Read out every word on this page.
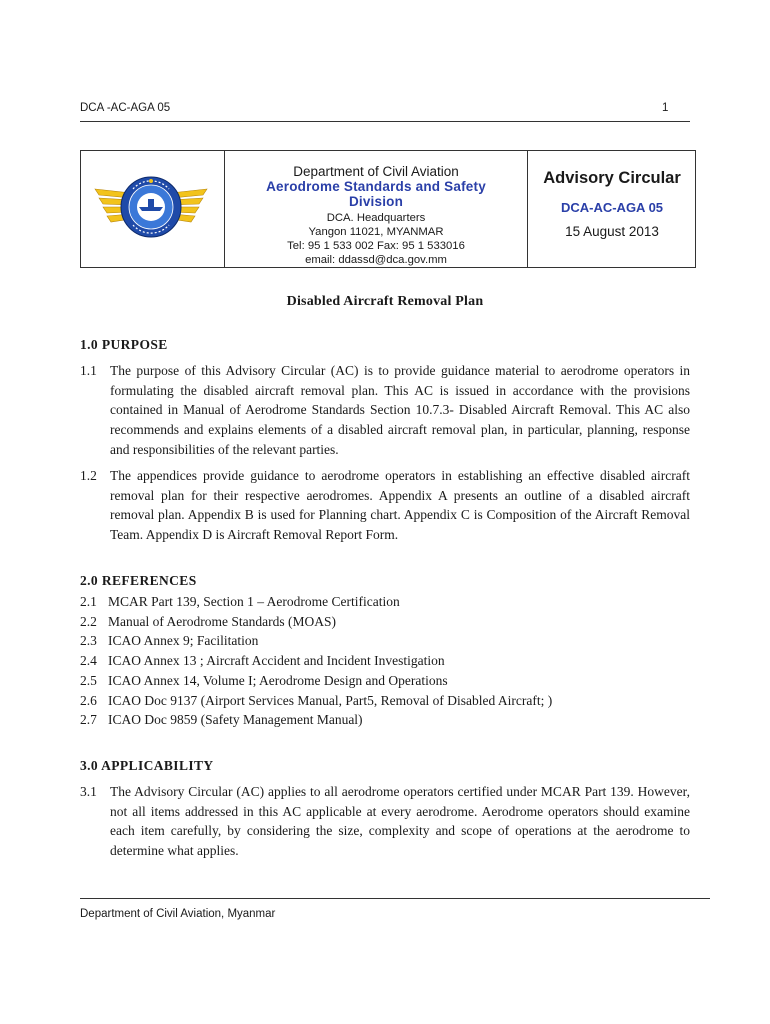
DCA -AC-AGA 05	1
Department of Civil Aviation
Aerodrome Standards and Safety
Division
DCA. Headquarters
Yangon 11021, MYANMAR
Tel: 95 1 533 002 Fax: 95 1 533016
email: ddassd@dca.gov.mm
Advisory Circular
DCA-AC-AGA 05
15 August 2013
Disabled Aircraft Removal Plan
1.0 PURPOSE
1.1 The purpose of this Advisory Circular (AC) is to provide guidance material to aerodrome operators in formulating the disabled aircraft removal plan. This AC is issued in accordance with the provisions contained in Manual of Aerodrome Standards Section 10.7.3- Disabled Aircraft Removal. This AC also recommends and explains elements of a disabled aircraft removal plan, in particular, planning, response and responsibilities of the relevant parties.
1.2 The appendices provide guidance to aerodrome operators in establishing an effective disabled aircraft removal plan for their respective aerodromes. Appendix A presents an outline of a disabled aircraft removal plan. Appendix B is used for Planning chart. Appendix C is Composition of the Aircraft Removal Team. Appendix D is Aircraft Removal Report Form.
2.0 REFERENCES
2.1 MCAR Part 139, Section 1 – Aerodrome Certification
2.2 Manual of Aerodrome Standards (MOAS)
2.3 ICAO Annex 9; Facilitation
2.4 ICAO Annex 13 ; Aircraft Accident and Incident Investigation
2.5 ICAO Annex 14, Volume I; Aerodrome Design and Operations
2.6 ICAO Doc 9137 (Airport Services Manual, Part5, Removal of Disabled Aircraft; )
2.7 ICAO Doc 9859 (Safety Management Manual)
3.0 APPLICABILITY
3.1 The Advisory Circular (AC) applies to all aerodrome operators certified under MCAR Part 139. However, not all items addressed in this AC applicable at every aerodrome. Aerodrome operators should examine each item carefully, by considering the size, complexity and scope of operations at the aerodrome to determine what applies.
Department of Civil Aviation, Myanmar
